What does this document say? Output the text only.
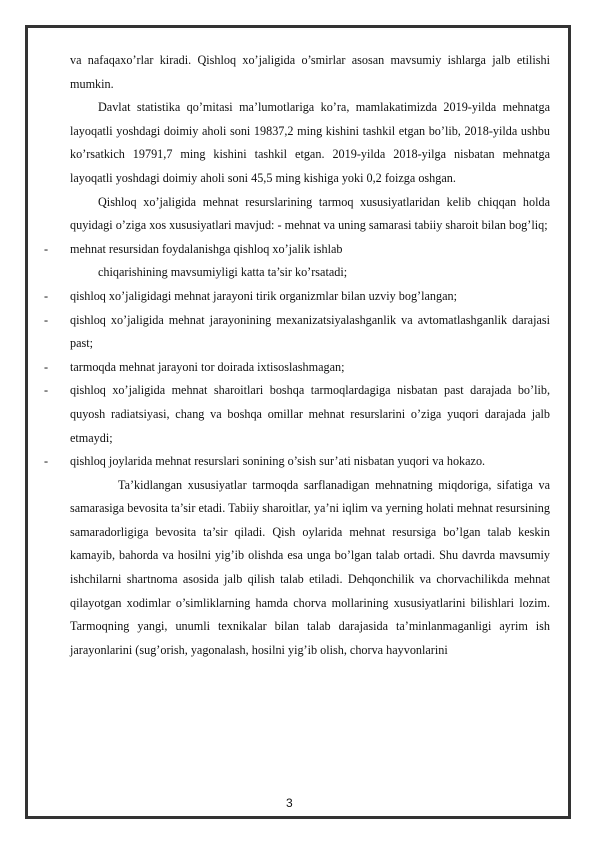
va nafaqaxo’rlar kiradi. Qishloq xo’jaligida o’smirlar asosan mavsumiy ishlarga jalb etilishi mumkin.

Davlat statistika qo’mitasi ma’lumotlariga ko’ra, mamlakatimizda 2019-yilda mehnatga layoqatli yoshdagi doimiy aholi soni 19837,2 ming kishini tashkil etgan bo’lib, 2018-yilda ushbu ko’rsatkich 19791,7 ming kishini tashkil etgan. 2019-yilda 2018-yilga nisbatan mehnatga layoqatli yoshdagi doimiy aholi soni 45,5 ming kishiga yoki 0,2 foizga oshgan.

Qishloq xo’jaligida mehnat resurslarining tarmoq xususiyatlaridan kelib chiqqan holda quyidagi o’ziga xos xususiyatlari mavjud: - mehnat va uning samarasi tabiiy sharoit bilan bog’liq;

- mehnat resursidan foydalanishga qishloq xo’jalik ishlab

chiqarishining mavsumiyligi katta ta’sir ko’rsatadi;

- qishloq xo’jaligidagi mehnat jarayoni tirik organizmlar bilan uzviy bog’langan;
- qishloq xo’jaligida mehnat jarayonining mexanizatsiyalashganlik va avtomatlashganlik darajasi past;
- tarmoqda mehnat jarayoni tor doirada ixtisoslashmagan;
- qishloq xo’jaligida mehnat sharoitlari boshqa tarmoqlardagiga nisbatan past darajada bo’lib, quyosh radiatsiyasi, chang va boshqa omillar mehnat resurslarini o’ziga yuqori darajada jalb etmaydi;
- qishloq joylarida mehnat resurslari sonining o’sish sur’ati nisbatan yuqori va hokazo.

Ta’kidlangan xususiyatlar tarmoqda sarflanadigan mehnatning miqdoriga, sifatiga va samarasiga bevosita ta’sir etadi. Tabiiy sharoitlar, ya’ni iqlim va yerning holati mehnat resursining samaradorligiga bevosita ta’sir qiladi. Qish oylarida mehnat resursiga bo’lgan talab keskin kamayib, bahorda va hosilni yig’ib olishda esa unga bo’lgan talab ortadi. Shu davrda mavsumiy ishchilarni shartnoma asosida jalb qilish talab etiladi. Dehqonchilik va chorvachilikda mehnat qilayotgan xodimlar o’simliklarning hamda chorva mollarining xususiyatlarini bilishlari lozim. Tarmoqning yangi, unumli texnikalar bilan talab darajasida ta’minlanmaganligi ayrim ish jarayonlarini (sug’orish, yagonalash, hosilni yig’ib olish, chorva hayvonlarini

3
